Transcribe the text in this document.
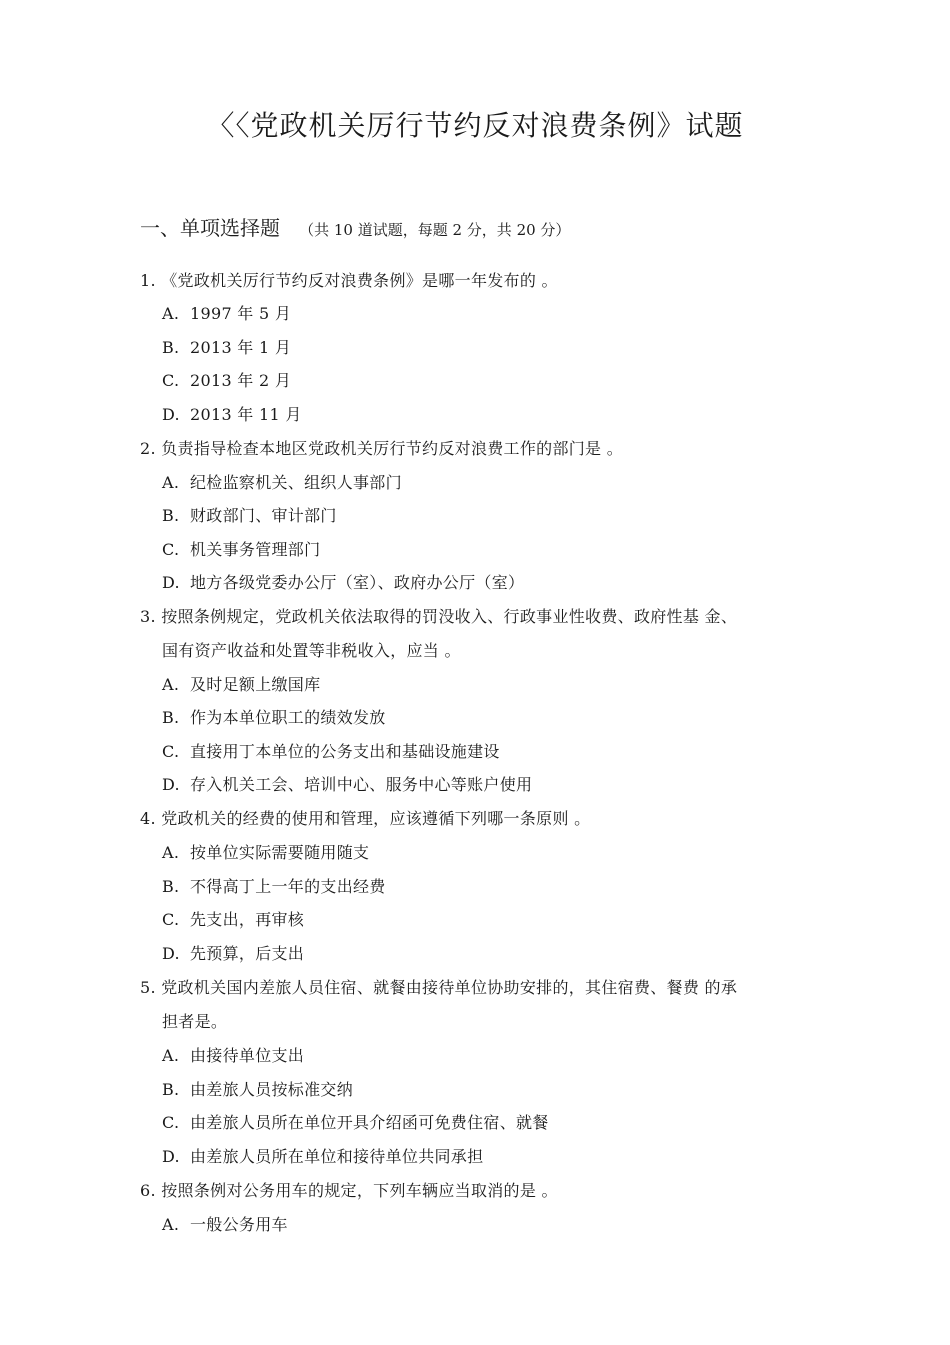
〈〈党政机关厉行节约反对浪费条例》试题
一、单项选择题 （共 10 道试题，每题 2 分，共 20 分）
1. 《党政机关厉行节约反对浪费条例》是哪一年发布的 。
A. 1997 年 5 月
B. 2013 年 1 月
C. 2013 年 2 月
D. 2013 年 11 月
2. 负责指导检查本地区党政机关厉行节约反对浪费工作的部门是 。
A. 纪检监察机关、组织人事部门
B. 财政部门、审计部门
C. 机关事务管理部门
D. 地方各级党委办公厅（室）、政府办公厅（室）
3. 按照条例规定，党政机关依法取得的罚没收入、行政事业性收费、政府性基 金、
国有资产收益和处置等非税收入，应当 。
A. 及时足额上缴国库
B. 作为本单位职工的绩效发放
C. 直接用丁本单位的公务支出和基础设施建设
D. 存入机关工会、培训中心、服务中心等账户使用
4. 党政机关的经费的使用和管理，应该遵循下列哪一条原则 。
A. 按单位实际需要随用随支
B. 不得高丁上一年的支出经费
C. 先支出，再审核
D. 先预算，后支出
5. 党政机关国内差旅人员住宿、就餐由接待单位协助安排的，其住宿费、餐费 的承
担者是。
A. 由接待单位支出
B. 由差旅人员按标准交纳
C. 由差旅人员所在单位开具介绍函可免费住宿、就餐
D. 由差旅人员所在单位和接待单位共同承担
6. 按照条例对公务用车的规定，下列车辆应当取消的是 。
A. 一般公务用车
